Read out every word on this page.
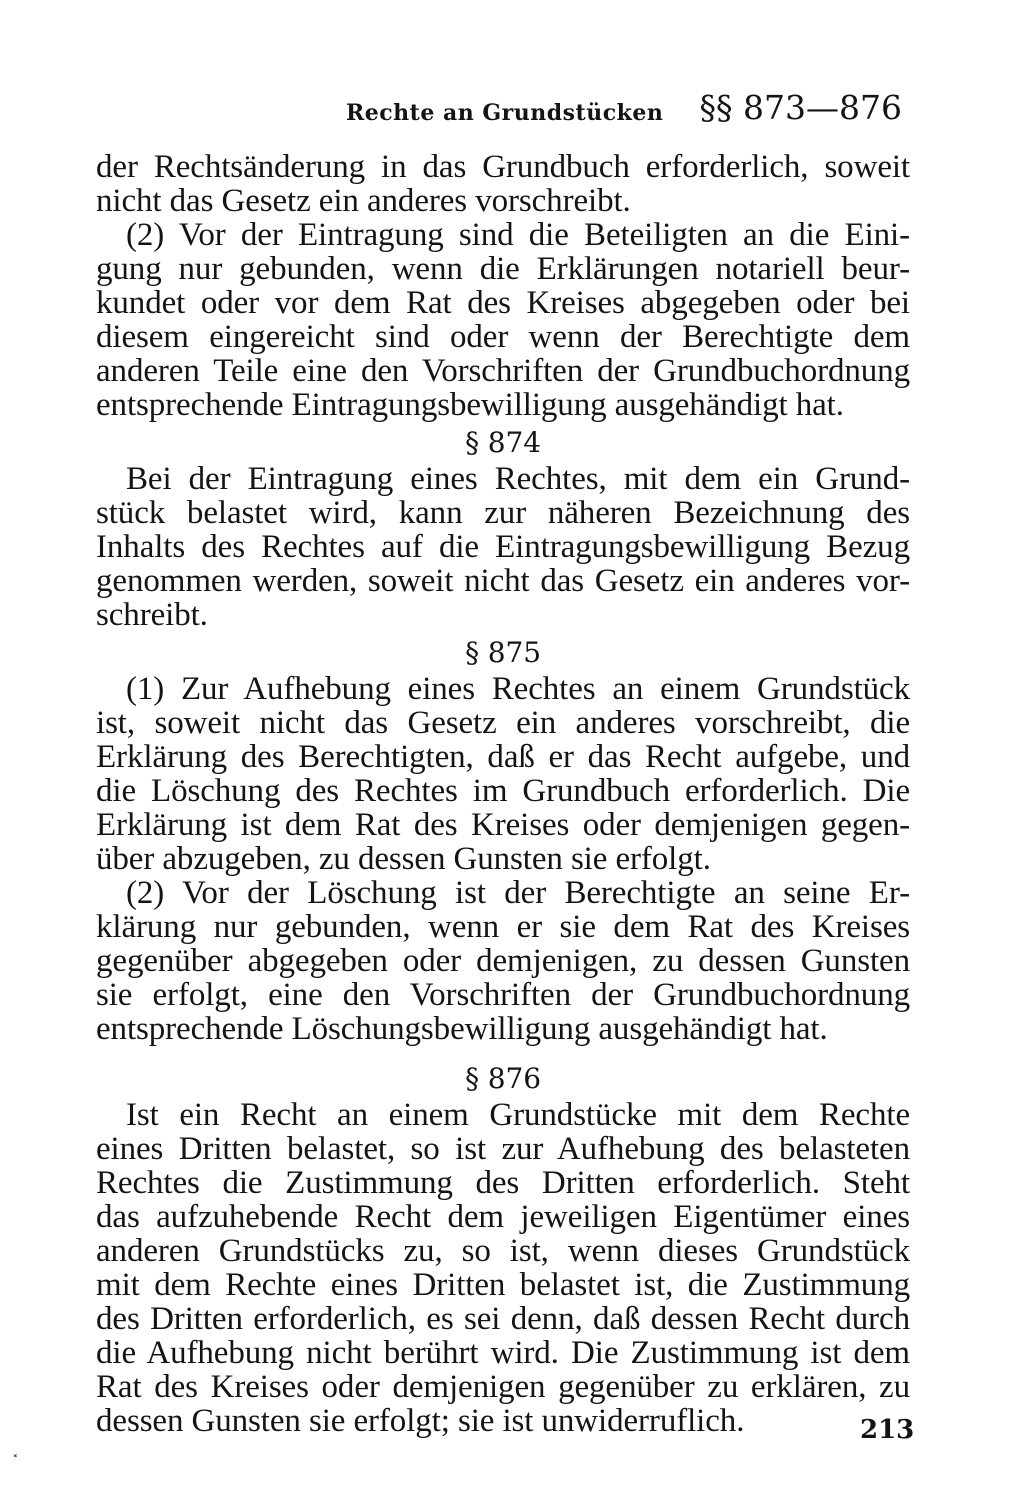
Rechte an Grundstücken §§ 873—876
der Rechtsänderung in das Grundbuch erforderlich, soweit
nicht das Gesetz ein anderes vorschreibt.
(2) Vor der Eintragung sind die Beteiligten an die Eini-
gung nur gebunden, wenn die Erklärungen notariell beur-
kundet oder vor dem Rat des Kreises abgegeben oder bei
diesem eingereicht sind oder wenn der Berechtigte dem
anderen Teile eine den Vorschriften der Grundbuchordnung
entsprechende Eintragungsbewilligung ausgehändigt hat.
§ 874
Bei der Eintragung eines Rechtes, mit dem ein Grund-
stück belastet wird, kann zur näheren Bezeichnung des
Inhalts des Rechtes auf die Eintragungsbewilligung Bezug
genommen werden, soweit nicht das Gesetz ein anderes vor-
schreibt.
§ 875
(1) Zur Aufhebung eines Rechtes an einem Grundstück
ist, soweit nicht das Gesetz ein anderes vorschreibt, die
Erklärung des Berechtigten, daß er das Recht aufgebe, und
die Löschung des Rechtes im Grundbuch erforderlich. Die
Erklärung ist dem Rat des Kreises oder demjenigen gegen-
über abzugeben, zu dessen Gunsten sie erfolgt.
(2) Vor der Löschung ist der Berechtigte an seine Er-
klärung nur gebunden, wenn er sie dem Rat des Kreises
gegenüber abgegeben oder demjenigen, zu dessen Gunsten
sie erfolgt, eine den Vorschriften der Grundbuchordnung
entsprechende Löschungsbewilligung ausgehändigt hat.
§ 876
Ist ein Recht an einem Grundstücke mit dem Rechte
eines Dritten belastet, so ist zur Aufhebung des belasteten
Rechtes die Zustimmung des Dritten erforderlich. Steht
das aufzuhebende Recht dem jeweiligen Eigentümer eines
anderen Grundstücks zu, so ist, wenn dieses Grundstück
mit dem Rechte eines Dritten belastet ist, die Zustimmung
des Dritten erforderlich, es sei denn, daß dessen Recht durch
die Aufhebung nicht berührt wird. Die Zustimmung ist dem
Rat des Kreises oder demjenigen gegenüber zu erklären, zu
dessen Gunsten sie erfolgt; sie ist unwiderruflich.	213
⸼
